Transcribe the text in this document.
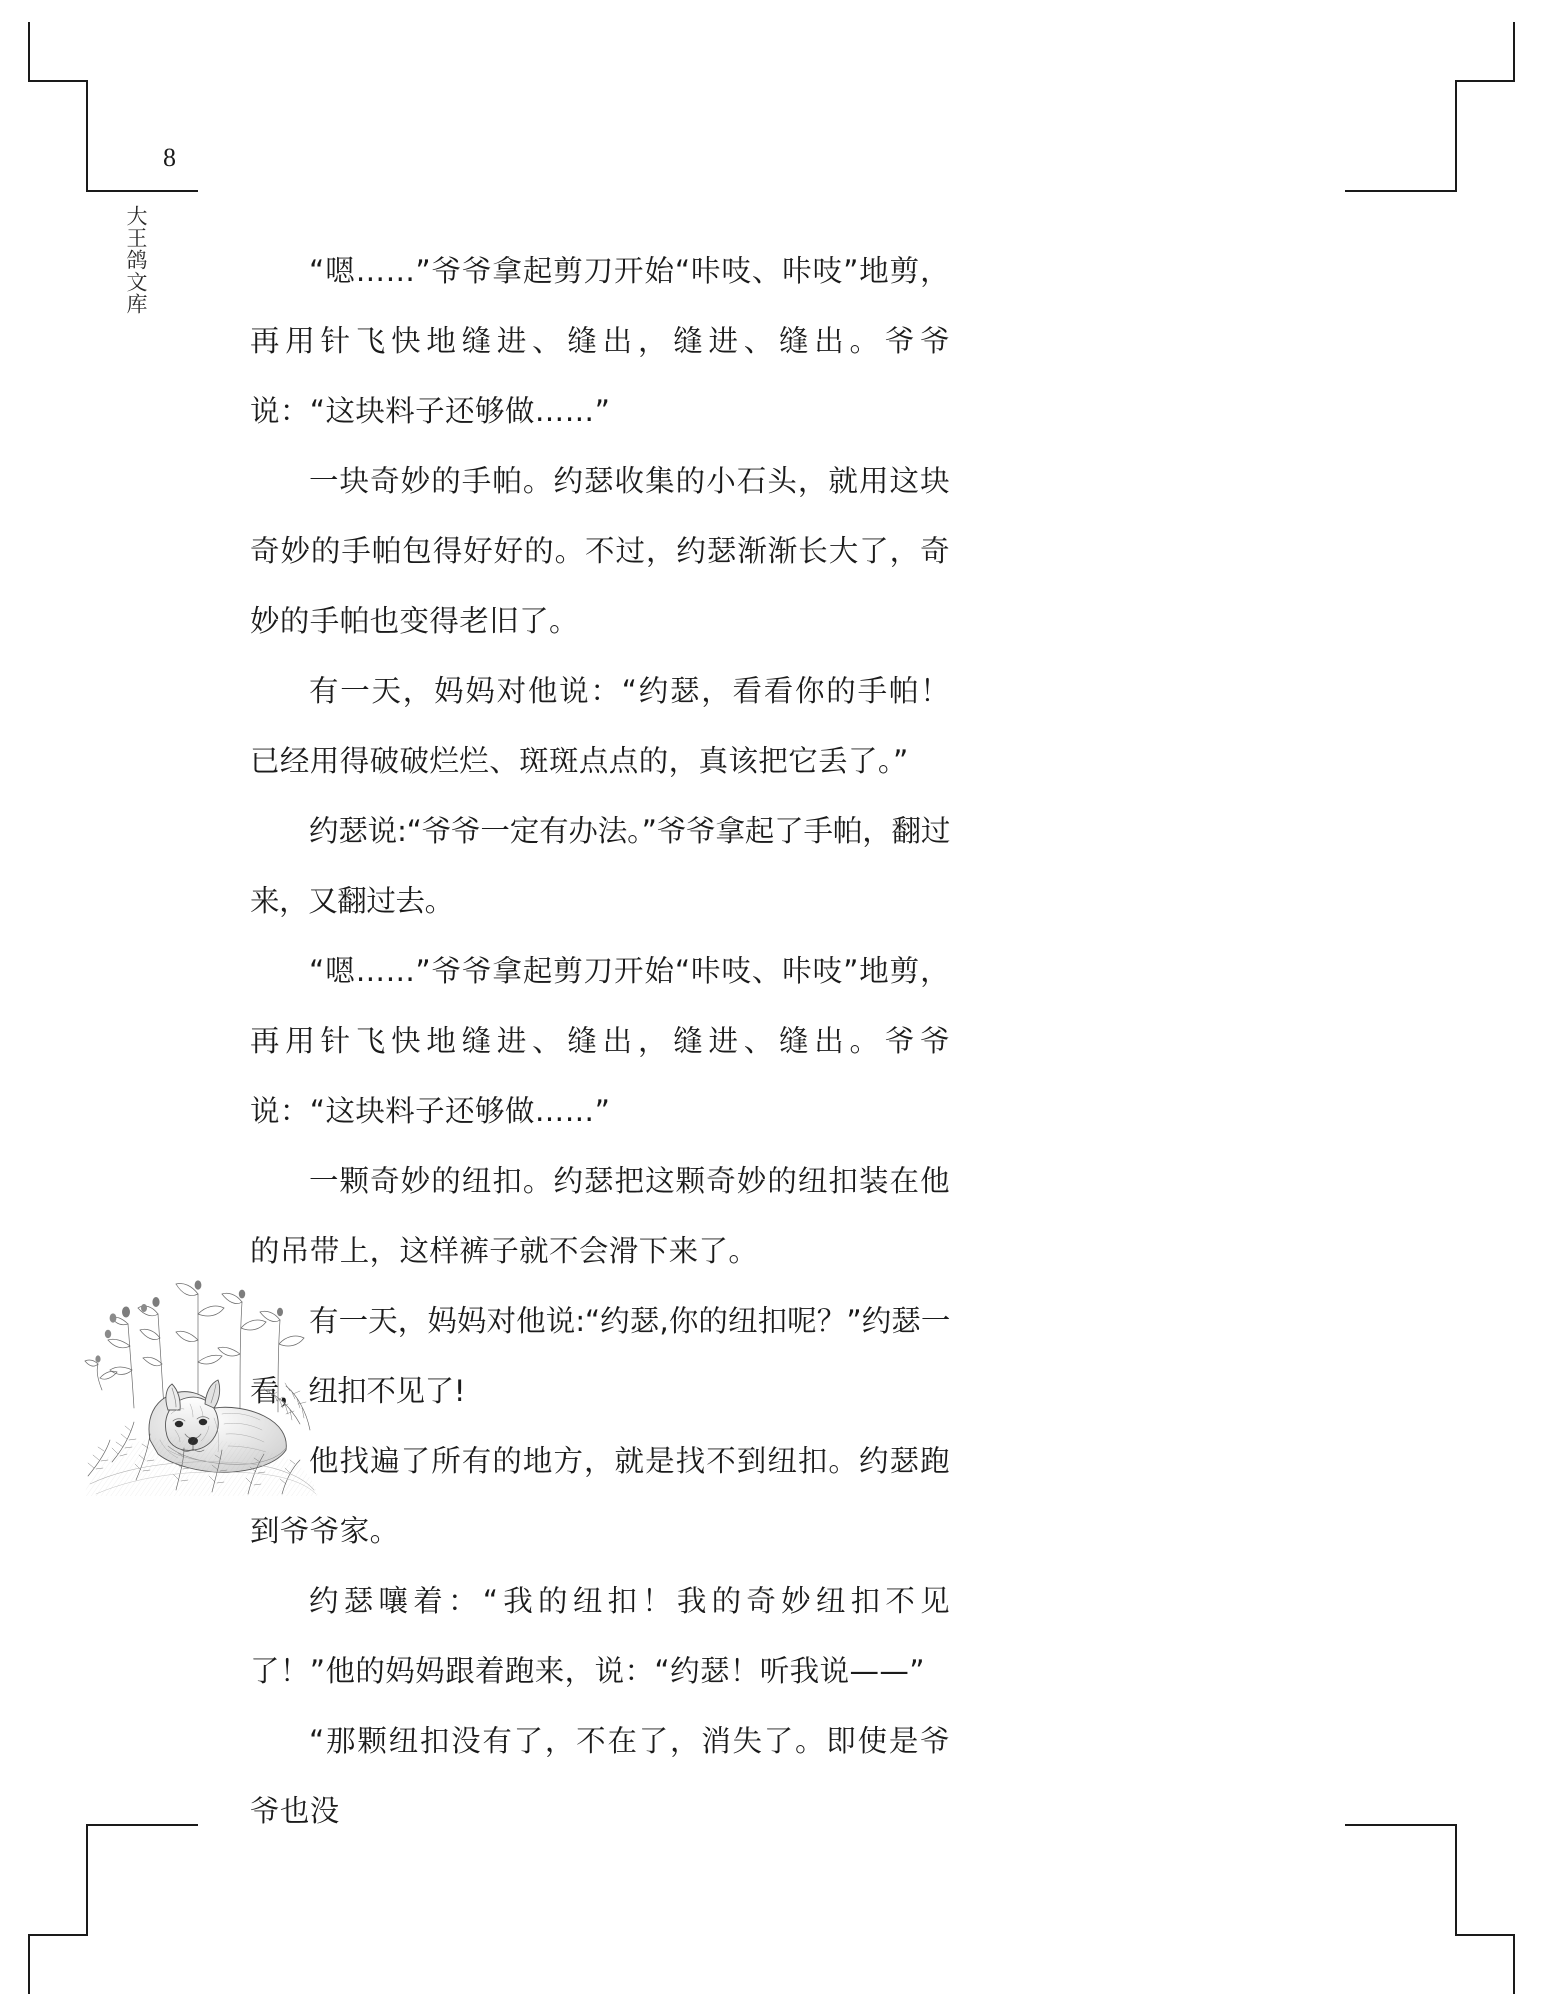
8
大王鸽文库	“嗯……”爷爷拿起剪刀开始“咔吱、咔吱”地剪，再用针飞快地缝进、缝出，缝进、缝出。爷爷说：“这块料子还够做……”

一块奇妙的手帕。约瑟收集的小石头，就用这块奇妙的手帕包得好好的。不过，约瑟渐渐长大了，奇妙的手帕也变得老旧了。

有一天，妈妈对他说：“约瑟，看看你的手帕！已经用得破破烂烂、斑斑点点的，真该把它丢了。”

约瑟说:“爷爷一定有办法。”爷爷拿起了手帕，翻过来，又翻过去。

“嗯……”爷爷拿起剪刀开始“咔吱、咔吱”地剪，再用针飞快地缝进、缝出，缝进、缝出。爷爷说：“这块料子还够做……”

一颗奇妙的纽扣。约瑟把这颗奇妙的纽扣装在他的吊带上，这样裤子就不会滑下来了。

有一天，妈妈对他说:“约瑟,你的纽扣呢？”约瑟一看，纽扣不见了!

他找遍了所有的地方，就是找不到纽扣。约瑟跑到爷爷家。

约瑟嚷着：“我的纽扣！我的奇妙纽扣不见了！”他的妈妈跟着跑来，说：“约瑟！听我说——”

“那颗纽扣没有了，不在了，消失了。即使是爷爷也没
